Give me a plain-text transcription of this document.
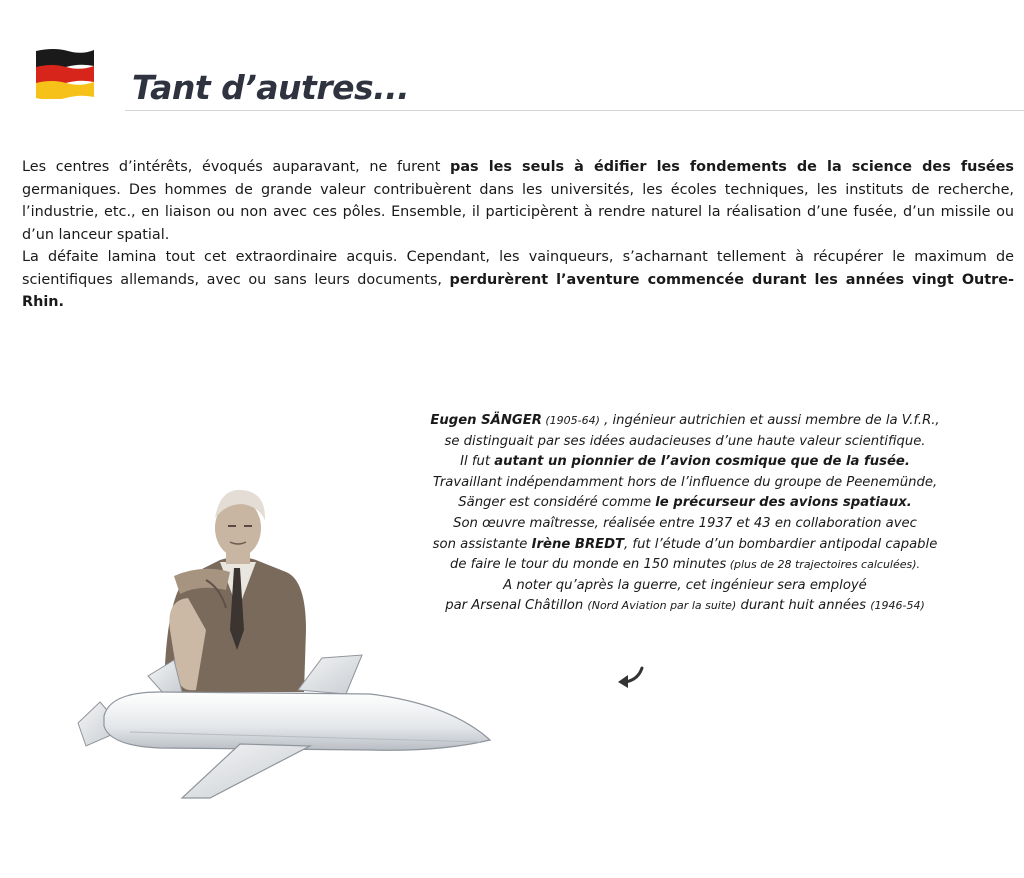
Tant d’autres...

Les centres d’intérêts, évoqués auparavant, ne furent pas les seuls à édifier les fondements de la science des fusées germaniques. Des hommes de grande valeur contribuèrent dans les universités, les écoles techniques, les instituts de recherche, l’industrie, etc., en liaison ou non avec ces pôles. Ensemble, il participèrent à rendre naturel la réalisation d’une fusée, d’un missile ou d’un lanceur spatial.

La défaite lamina tout cet extraordinaire acquis. Cependant, les vainqueurs, s’acharnant tellement à récupérer le maximum de scientifiques allemands, avec ou sans leurs documents, perdurèrent l’aventure commencée durant les années vingt Outre-Rhin.

Eugen SÄNGER (1905-64) , ingénieur autrichien et aussi membre de la V.f.R.,
se distinguait par ses idées audacieuses d’une haute valeur scientifique.
Il fut autant un pionnier de l’avion cosmique que de la fusée.
Travaillant indépendamment hors de l’influence du groupe de Peenemünde,
Sänger est considéré comme le précurseur des avions spatiaux.
Son œuvre maîtresse, réalisée entre 1937 et 43 en collaboration avec
son assistante Irène BREDT, fut l’étude d’un bombardier antipodal capable
de faire le tour du monde en 150 minutes (plus de 28 trajectoires calculées).
A noter qu’après la guerre, cet ingénieur sera employé
par Arsenal Châtillon (Nord Aviation par la suite) durant huit années (1946-54)
